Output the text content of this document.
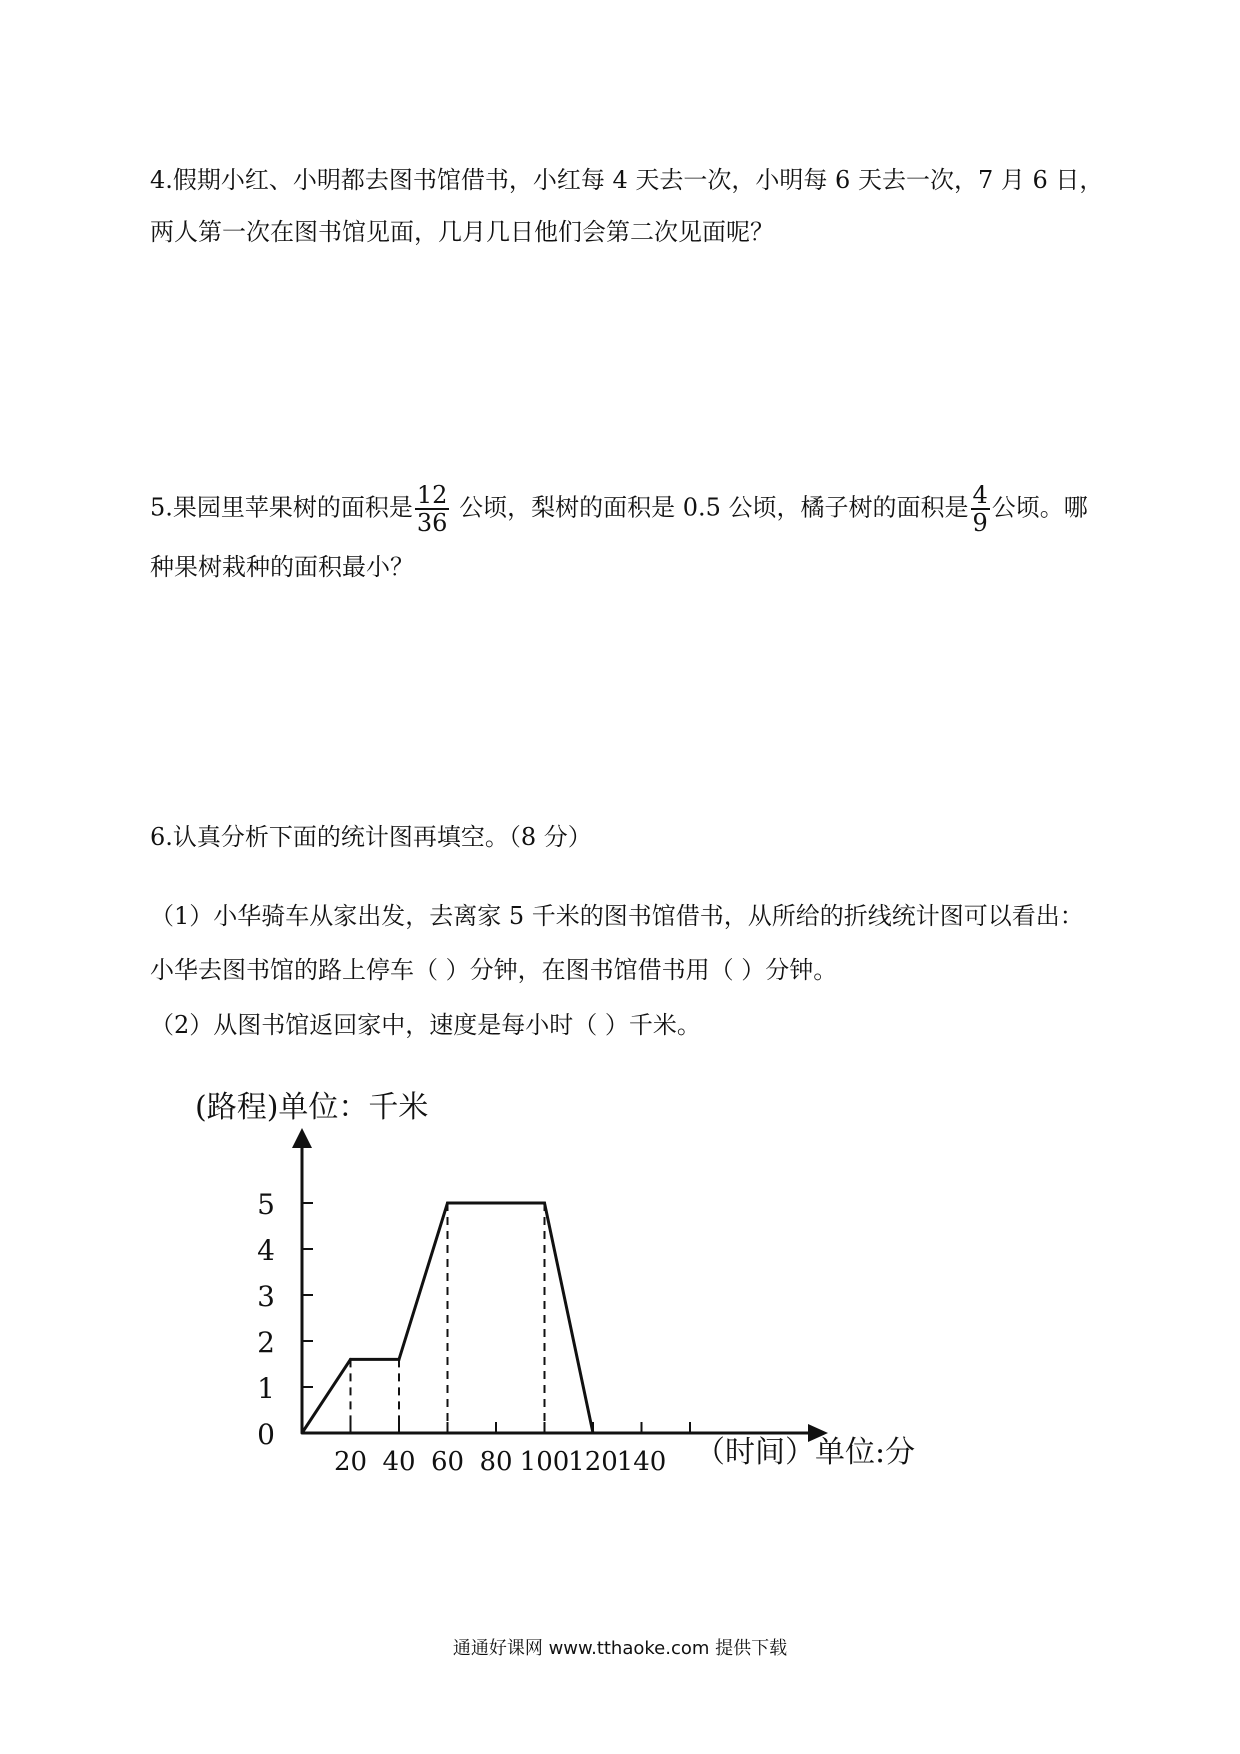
4.假期小红、小明都去图书馆借书，小红每 4 天去一次，小明每 6 天去一次，7 月 6 日，
两人第一次在图书馆见面，几月几日他们会第二次见面呢？
5.果园里苹果树的面积是 $\frac{12}{36}$ 公顷，梨树的面积是 0.5 公顷，橘子树的面积是 $\frac{4}{9}$ 公顷。哪
种果树栽种的面积最小？
6.认真分析下面的统计图再填空。（8 分）
（1）小华骑车从家出发，去离家 5 千米的图书馆借书，从所给的折线统计图可以看出：
小华去图书馆的路上停车（ ）分钟，在图书馆借书用（ ）分钟。
（2）从图书馆返回家中，速度是每小时（ ）千米。
(路程)单位：千米
（时间）单位:分
0
1
2
3
4
5
20 40 60 80 100
120
140
通通好课网 www.tthaoke.com 提供下载
